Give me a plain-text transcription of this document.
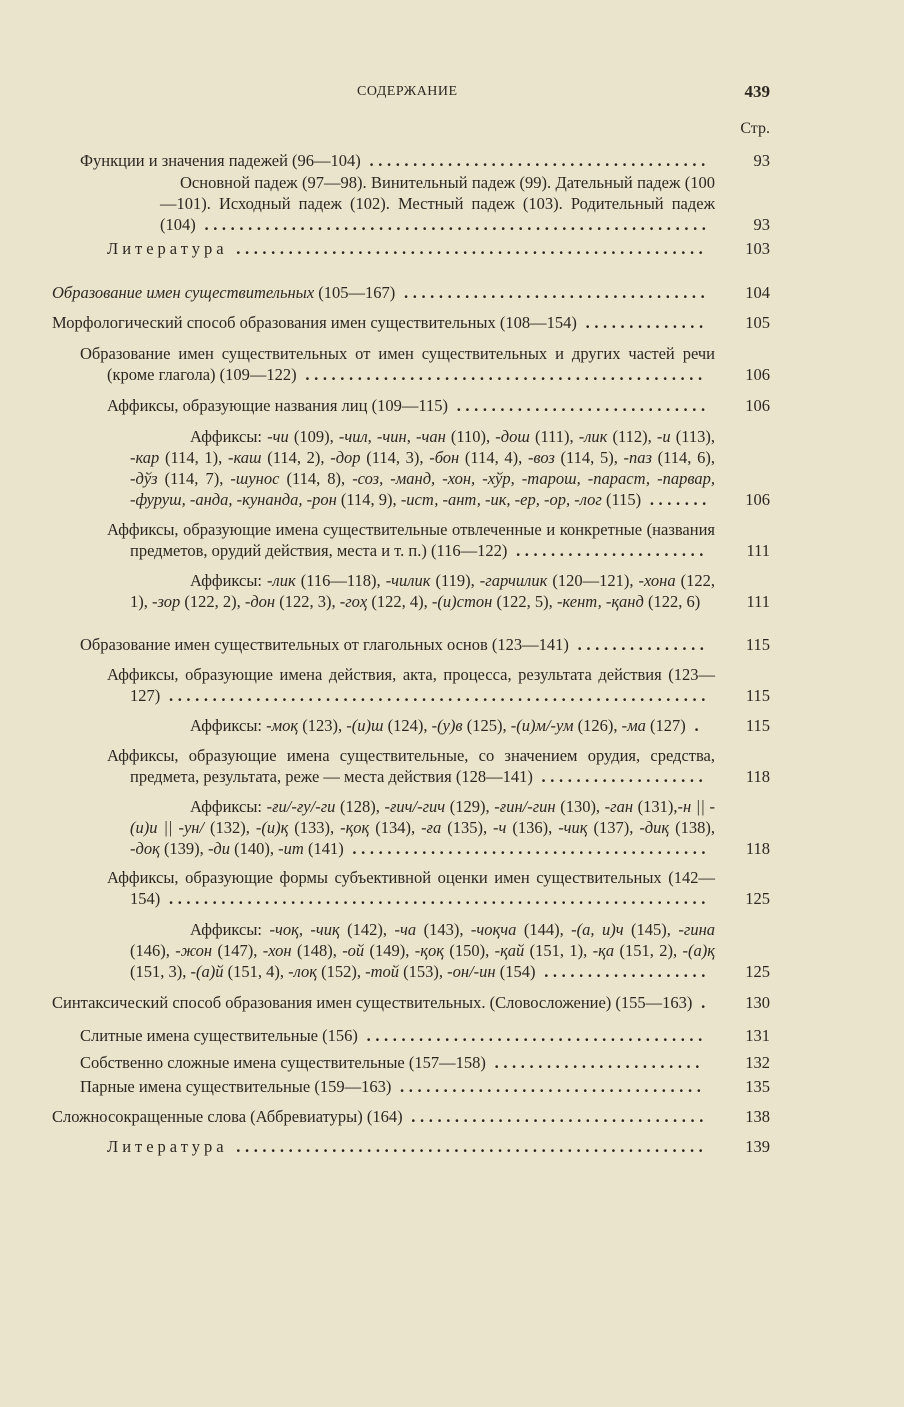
СОДЕРЖАНИЕ	439
Стр.
Функции и значения падежей (96—104) .......................................	93
Основной падеж (97—98). Винительный падеж (99). Дательный падеж (100—101). Исходный падеж (102). Местный падеж (103). Родительный падеж (104) ..........................................................	93
Литература ......................................................	103
Образование имен существительных (105—167) ...................................	104
Морфологический способ образования имен существительных (108—154) ..............	105
Образование имен существительных от имен существительных и других частей речи (кроме глагола) (109—122) ..............................................	106
Аффиксы, образующие названия лиц (109—115) .............................	106
Аффиксы: -чи (109), -чил, -чин, -чан (110), -дош (111), -лик (112), -и (113), -кар (114, 1), -каш (114, 2), -дор (114, 3), -бон (114, 4), -воз (114, 5), -паз (114, 6), -дўз (114, 7), -шунос (114, 8), -соз, -манд, -хон, -хўр, -тарош, -параст, -парвар, -фуруш, -анда, -кунанда, -рон (114, 9), -ист, -ант, -ик, -ер, -ор, -лог (115) .......	106
Аффиксы, образующие имена существительные отвлеченные и конкретные (названия предметов, орудий действия, места и т. п.) (116—122) ......................	111
Аффиксы: -лик (116—118), -чилик (119), -гарчилик (120—121), -хона (122, 1), -зор (122, 2), -дон (122, 3), -гоҳ (122, 4), -(и)стон (122, 5), -кент, -қанд (122, 6)	111
Образование имен существительных от глагольных основ (123—141) ...............	115
Аффиксы, образующие имена действия, акта, процесса, результата действия (123—127) ..............................................................	115
Аффиксы: -моқ (123), -(и)ш (124), -(у)в (125), -(и)м/-ум (126), -ма (127) .	115
Аффиксы, образующие имена существительные, со значением орудия, средства, предмета, результата, реже — места действия (128—141) ...................	118
Аффиксы: -ғи/-ғу/-ги (128), -ғич/-гич (129), -ғин/-гин (130), -ган (131),-н || -(и)и || -ун/ (132), -(и)қ (133), -қоқ (134), -ға (135), -ч (136), -чиқ (137), -диқ (138), -доқ (139), -ди (140), -ит (141) .........................................	118
Аффиксы, образующие формы субъективной оценки имен существительных (142—154) ..............................................................	125
Аффиксы: -чоқ, -чиқ (142), -ча (143), -чоқча (144), -(а, и)ч (145), -гина (146), -жон (147), -хон (148), -ой (149), -қоқ (150), -қай (151, 1), -қа (151, 2), -(а)қ (151, 3), -(а)й (151, 4), -лоқ (152), -той (153), -он/-ин (154) ...................	125
Синтаксический способ образования имен существительных. (Словосложение) (155—163) .	130
Слитные имена существительные (156) .......................................	131
Собственно сложные имена существительные (157—158) ........................	132
Парные имена существительные (159—163) ...................................	135
Сложносокращенные слова (Аббревиатуры) (164) ..................................	138
Литература ......................................................	139
